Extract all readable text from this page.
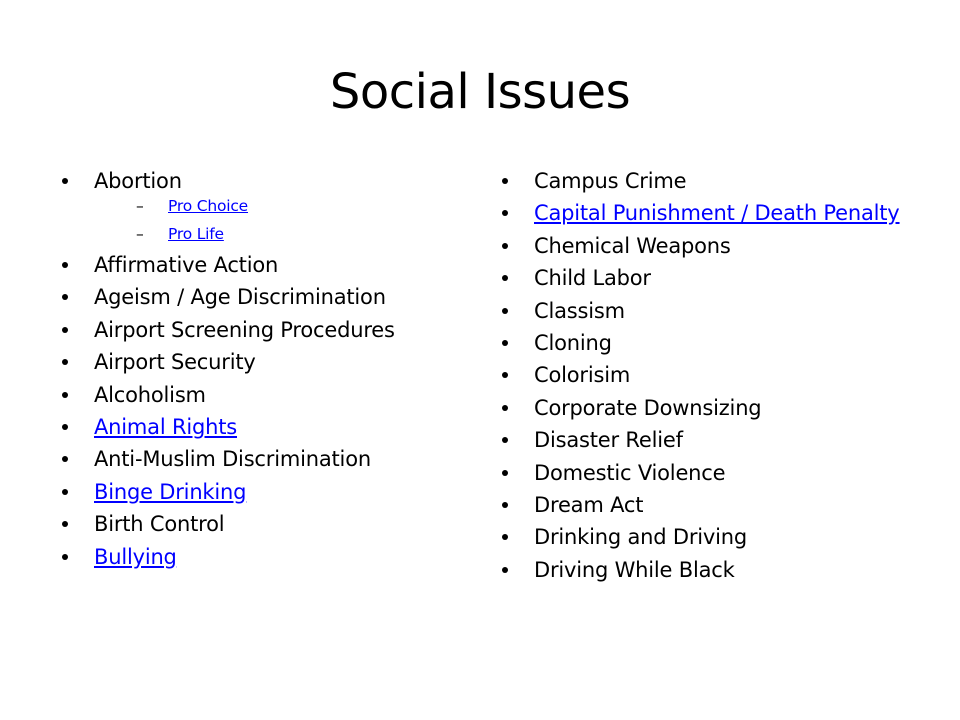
Social Issues
Abortion
– Pro Choice
– Pro Life
Affirmative Action
Ageism / Age Discrimination
Airport Screening Procedures
Airport Security
Alcoholism
Animal Rights
Anti-Muslim Discrimination
Binge Drinking
Birth Control
Bullying
Campus Crime
Capital Punishment / Death Penalty
Chemical Weapons
Child Labor
Classism
Cloning
Colorisim
Corporate Downsizing
Disaster Relief
Domestic Violence
Dream Act
Drinking and Driving
Driving While Black
